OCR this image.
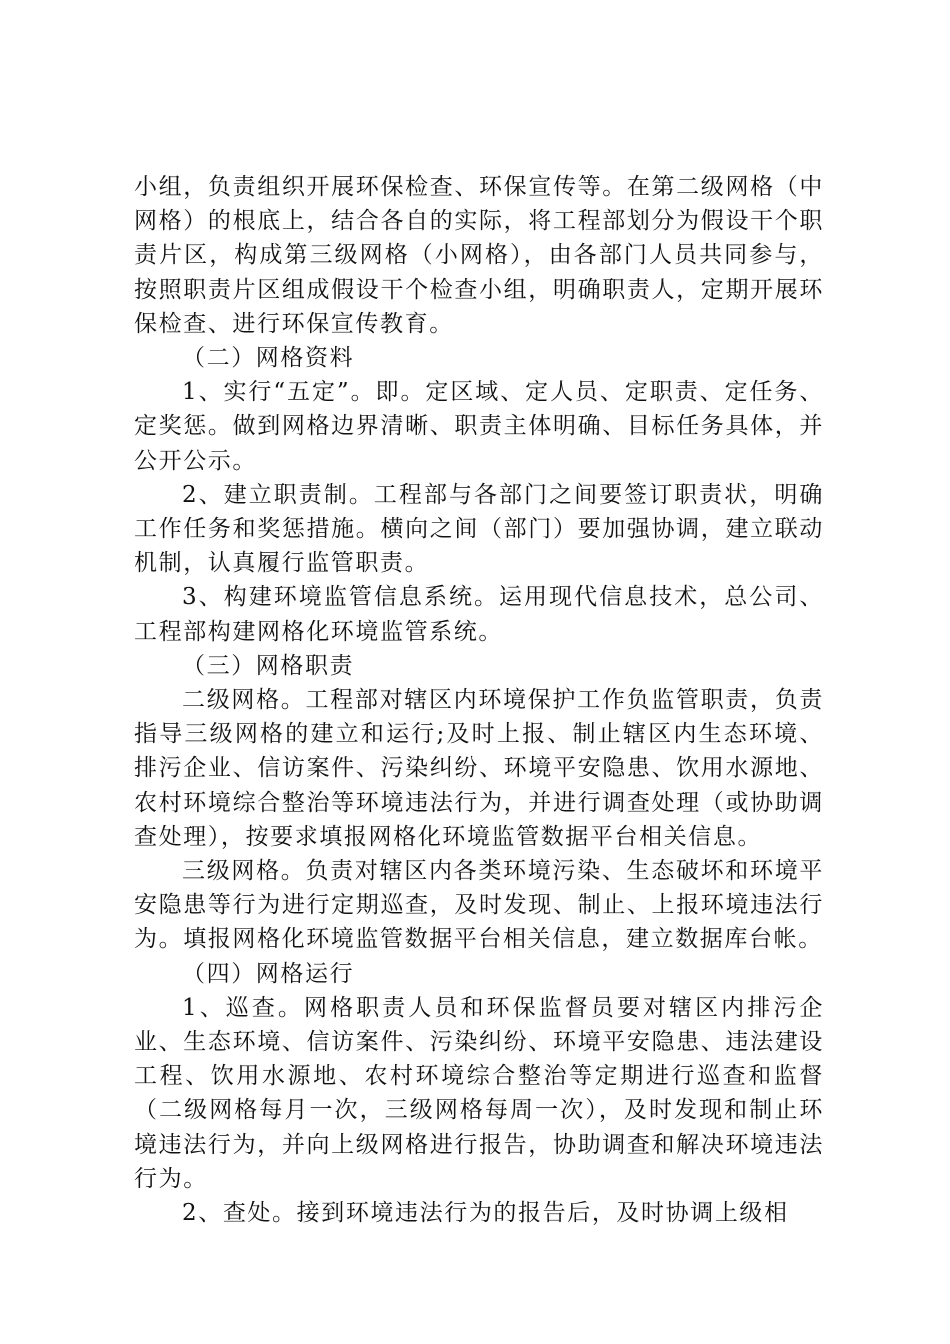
小组，负责组织开展环保检查、环保宣传等。在第二级网格（中网格）的根底上，结合各自的实际，将工程部划分为假设干个职责片区，构成第三级网格（小网格），由各部门人员共同参与，按照职责片区组成假设干个检查小组，明确职责人，定期开展环保检查、进行环保宣传教育。

（二）网格资料

1、实行“五定”。即。定区域、定人员、定职责、定任务、定奖惩。做到网格边界清晰、职责主体明确、目标任务具体，并公开公示。

2、建立职责制。工程部与各部门之间要签订职责状，明确工作任务和奖惩措施。横向之间（部门）要加强协调，建立联动机制，认真履行监管职责。

3、构建环境监管信息系统。运用现代信息技术，总公司、工程部构建网格化环境监管系统。

（三）网格职责

二级网格。工程部对辖区内环境保护工作负监管职责，负责指导三级网格的建立和运行;及时上报、制止辖区内生态环境、排污企业、信访案件、污染纠纷、环境平安隐患、饮用水源地、农村环境综合整治等环境违法行为，并进行调查处理（或协助调查处理），按要求填报网格化环境监管数据平台相关信息。

三级网格。负责对辖区内各类环境污染、生态破坏和环境平安隐患等行为进行定期巡查，及时发现、制止、上报环境违法行为。填报网格化环境监管数据平台相关信息，建立数据库台帐。

（四）网格运行

1、巡查。网格职责人员和环保监督员要对辖区内排污企业、生态环境、信访案件、污染纠纷、环境平安隐患、违法建设工程、饮用水源地、农村环境综合整治等定期进行巡查和监督（二级网格每月一次，三级网格每周一次），及时发现和制止环境违法行为，并向上级网格进行报告，协助调查和解决环境违法行为。

2、查处。接到环境违法行为的报告后，及时协调上级相
